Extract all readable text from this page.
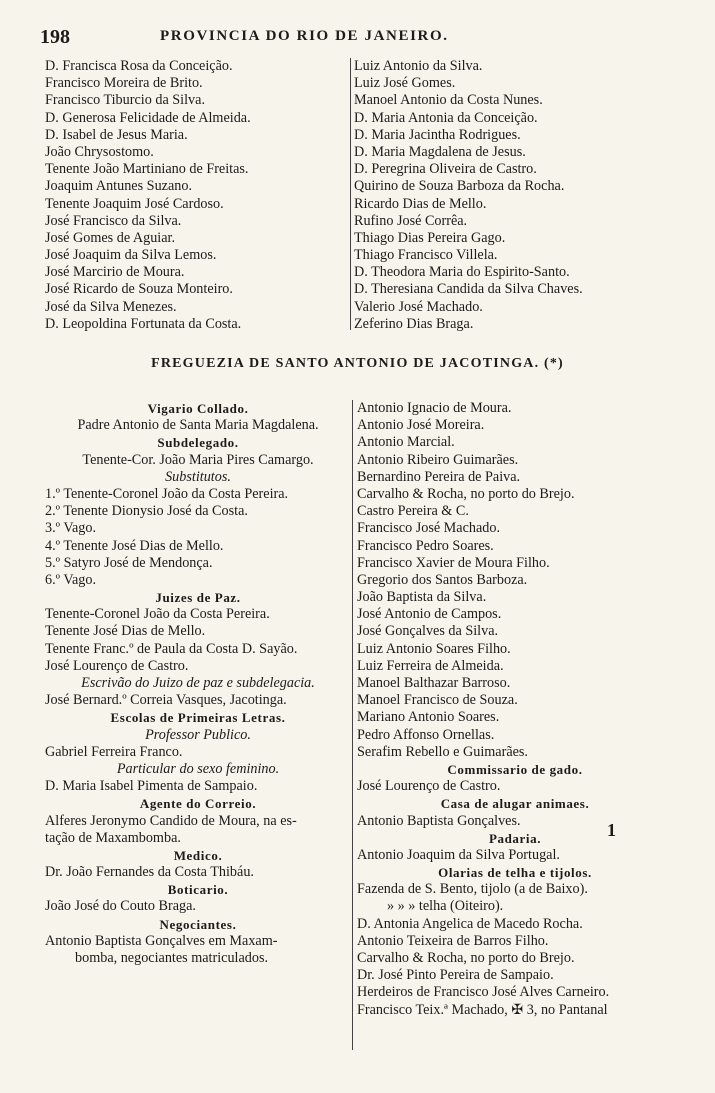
198	PROVINCIA DO RIO DE JANEIRO.
D. Francisca Rosa da Conceição.
Francisco Moreira de Brito.
Francisco Tiburcio da Silva.
D. Generosa Felicidade de Almeida.
D. Isabel de Jesus Maria.
João Chrysostomo.
Tenente João Martiniano de Freitas.
Joaquim Antunes Suzano.
Tenente Joaquim José Cardoso.
José Francisco da Silva.
José Gomes de Aguiar.
José Joaquim da Silva Lemos.
José Marcirio de Moura.
José Ricardo de Souza Monteiro.
José da Silva Menezes.
D. Leopoldina Fortunata da Costa.
Luiz Antonio da Silva.
Luiz José Gomes.
Manoel Antonio da Costa Nunes.
D. Maria Antonia da Conceição.
D. Maria Jacintha Rodrigues.
D. Maria Magdalena de Jesus.
D. Peregrina Oliveira de Castro.
Quirino de Souza Barboza da Rocha.
Ricardo Dias de Mello.
Rufino José Corrêa.
Thiago Dias Pereira Gago.
Thiago Francisco Villela.
D. Theodora Maria do Espirito-Santo.
D. Theresiana Candida da Silva Chaves.
Valerio José Machado.
Zeferino Dias Braga.
FREGUEZIA DE SANTO ANTONIO DE JACOTINGA. (*)
Vigario Collado.
Padre Antonio de Santa Maria Magdalena.
Subdelegado.
Tenente-Cor. João Maria Pires Camargo.
Substitutos.
1.º Tenente-Coronel João da Costa Pereira.
2.º Tenente Dionysio José da Costa.
3.º Vago.
4.º Tenente José Dias de Mello.
5.º Satyro José de Mendonça.
6.º Vago.
Juizes de Paz.
Tenente-Coronel João da Costa Pereira.
Tenente José Dias de Mello.
Tenente Franc.º de Paula da Costa D. Sayão.
José Lourenço de Castro.
Escrivão do Juizo de paz e subdelegacia.
José Bernard.º Correia Vasques, Jacotinga.
Escolas de Primeiras Letras.
Professor Publico.
Gabriel Ferreira Franco.
Particular do sexo feminino.
D. Maria Isabel Pimenta de Sampaio.
Agente do Correio.
Alferes Jeronymo Candido de Moura, na es-
tação de Maxambomba.
Medico.
Dr. João Fernandes da Costa Thibáu.
Boticario.
João José do Couto Braga.
Negociantes.
Antonio Baptista Gonçalves em Maxam-
bomba, negociantes matriculados.
Antonio Ignacio de Moura.
Antonio José Moreira.
Antonio Marcial.
Antonio Ribeiro Guimarães.
Bernardino Pereira de Paiva.
Carvalho & Rocha, no porto do Brejo.
Castro Pereira & C.
Francisco José Machado.
Francisco Pedro Soares.
Francisco Xavier de Moura Filho.
Gregorio dos Santos Barboza.
João Baptista da Silva.
José Antonio de Campos.
José Gonçalves da Silva.
Luiz Antonio Soares Filho.
Luiz Ferreira de Almeida.
Manoel Balthazar Barroso.
Manoel Francisco de Souza.
Mariano Antonio Soares.
Pedro Affonso Ornellas.
Serafim Rebello e Guimarães.
Commissario de gado.
José Lourenço de Castro.
Casa de alugar animaes.
Antonio Baptista Gonçalves.
Padaria.
Antonio Joaquim da Silva Portugal.
Olarias de telha e tijolos.
Fazenda de S. Bento, tijolo (a de Baixo).
» » » telha (Oiteiro).
D. Antonia Angelica de Macedo Rocha.
Antonio Teixeira de Barros Filho.
Carvalho & Rocha, no porto do Brejo.
Dr. José Pinto Pereira de Sampaio.
Herdeiros de Francisco José Alves Carneiro.
Francisco Teix.ª Machado, ✠ 3, no Pantanal
1
